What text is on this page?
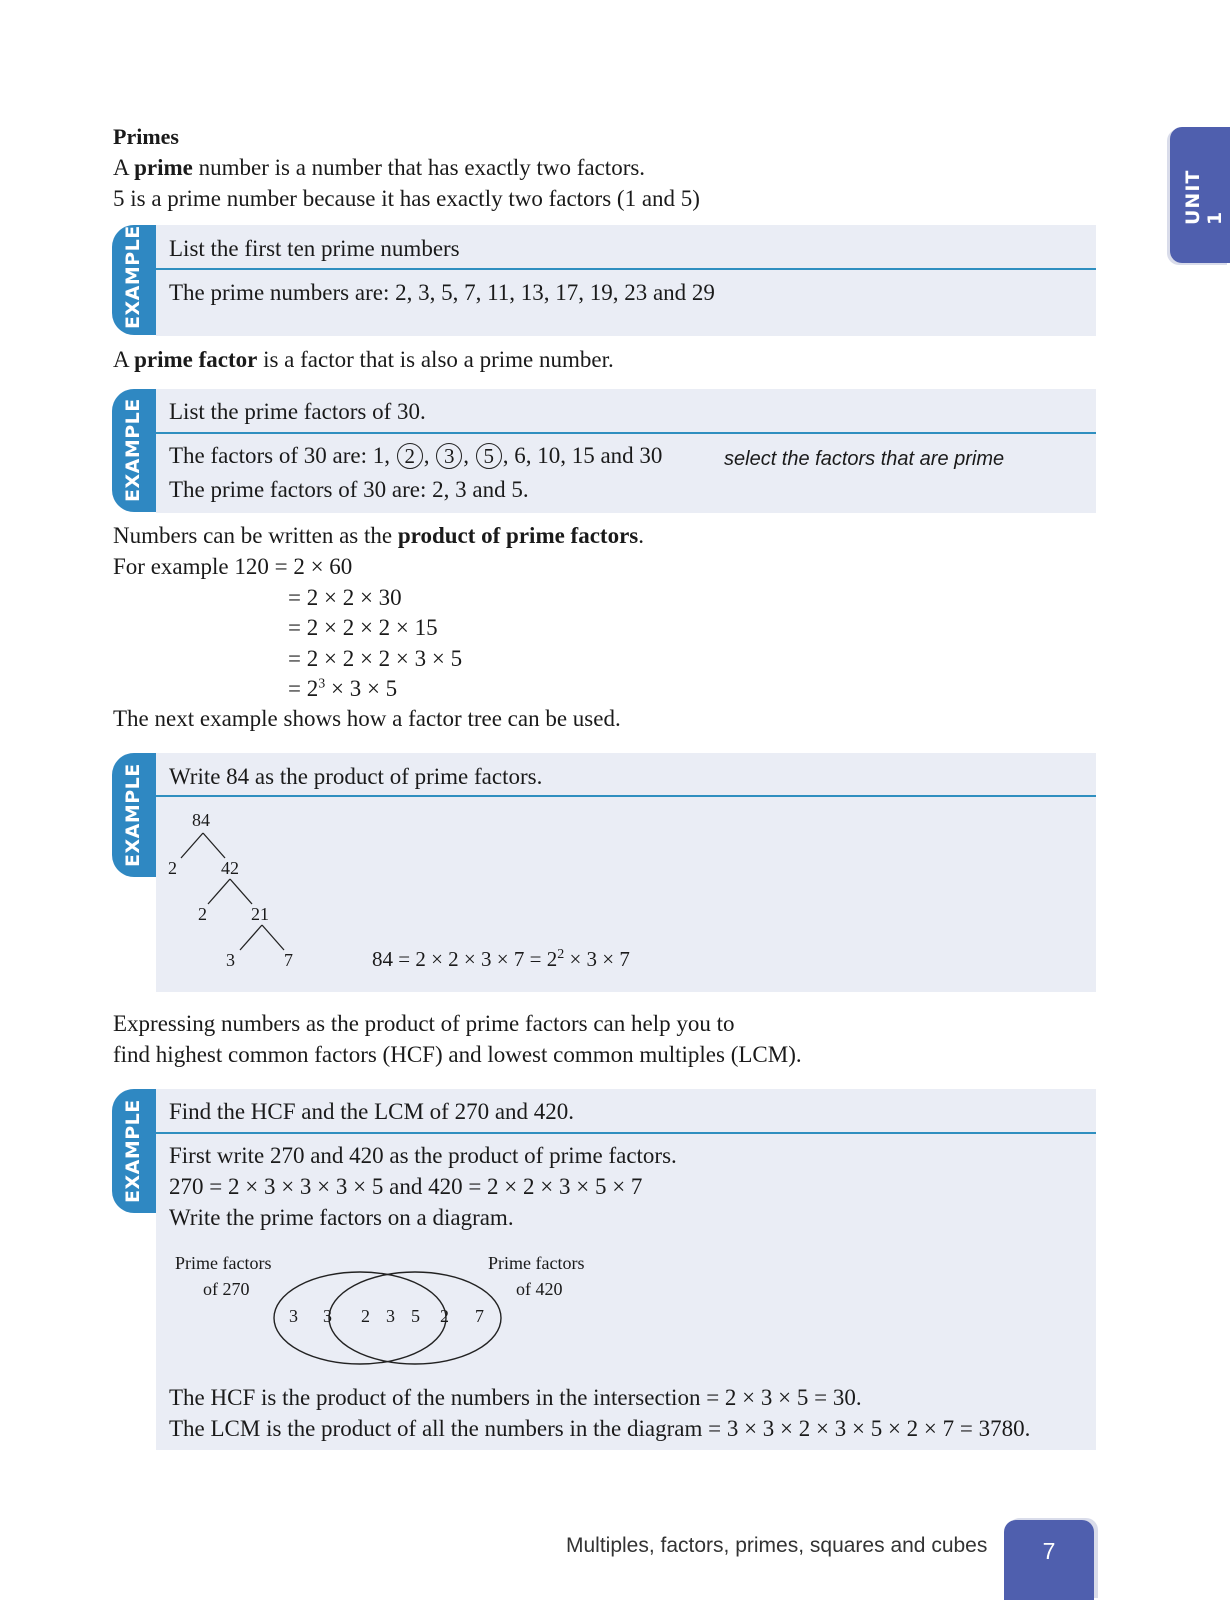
UNIT 1
Primes
A prime number is a number that has exactly two factors.
5 is a prime number because it has exactly two factors (1 and 5)
EXAMPLE List the first ten prime numbers
The prime numbers are: 2, 3, 5, 7, 11, 13, 17, 19, 23 and 29
A prime factor is a factor that is also a prime number.
EXAMPLE List the prime factors of 30.
The factors of 30 are: 1, 2 , 3 , 5 , 6, 10, 15 and 30	select the factors that are prime
The prime factors of 30 are: 2, 3 and 5.
Numbers can be written as the product of prime factors.
For example 120 = 2 × 60
= 2 × 2 × 30
= 2 × 2 × 2 × 15
= 2 × 2 × 2 × 3 × 5
= $2^3 \times 3 \times 5$
The next example shows how a factor tree can be used.
EXAMPLE Write 84 as the product of prime factors.
84
2 42
2 21
3	7	$84 = 2 \times 2 \times 3 \times 7 = 2^2 \times 3 \times 7$
Expressing numbers as the product of prime factors can help you to
find highest common factors (HCF) and lowest common multiples (LCM).
EXAMPLE Find the HCF and the LCM of 270 and 420.
First write 270 and 420 as the product of prime factors.
270 = 2 × 3 × 3 × 3 × 5 and 420 = 2 × 2 × 3 × 5 × 7
Write the prime factors on a diagram.
Prime factors
of 270
Prime factors
of 420
3 3 2 3 5 2 7
The HCF is the product of the numbers in the intersection = 2 × 3 × 5 = 30.
The LCM is the product of all the numbers in the diagram = 3 × 3 × 2 × 3 × 5 × 2 × 7 = 3780.
Multiples, factors, primes, squares and cubes	7
